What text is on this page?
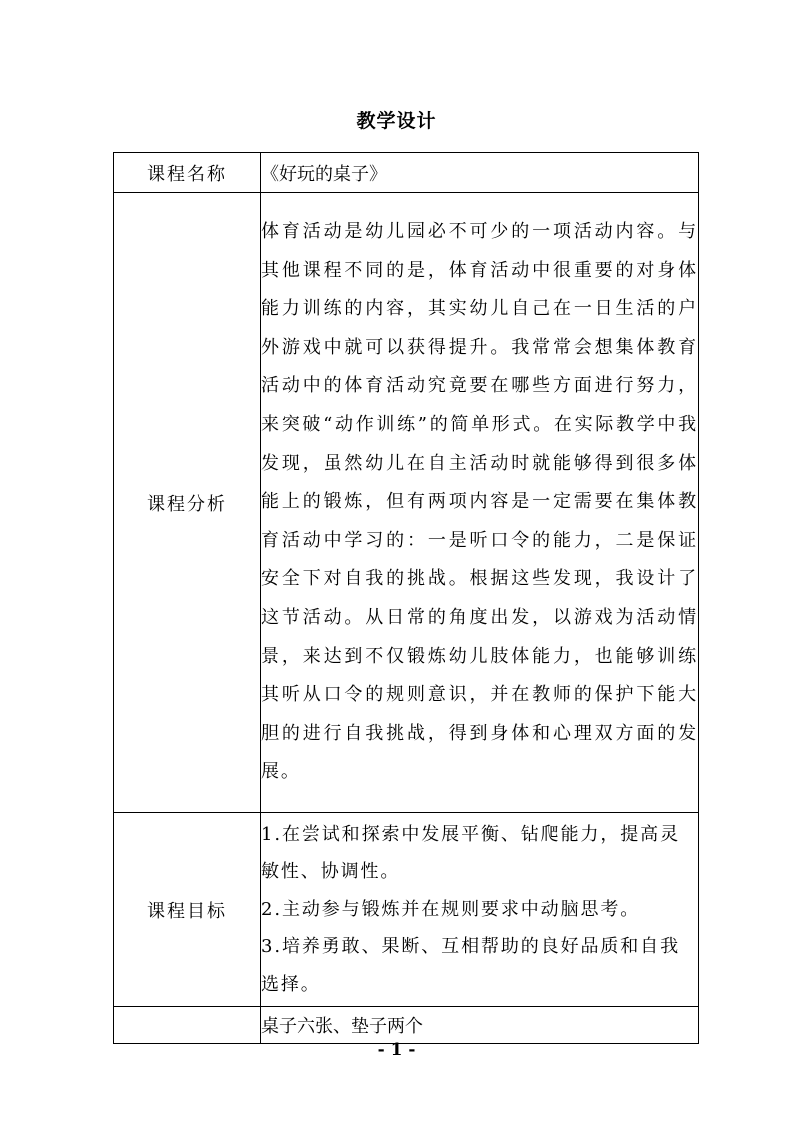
教学设计
课程名称	《好玩的桌子》
课程分析	体育活动是幼儿园必不可少的一项活动内容。与其他课程不同的是，体育活动中很重要的对身体能力训练的内容，其实幼儿自己在一日生活的户外游戏中就可以获得提升。我常常会想集体教育活动中的体育活动究竟要在哪些方面进行努力，来突破“动作训练”的简单形式。在实际教学中我发现，虽然幼儿在自主活动时就能够得到很多体能上的锻炼，但有两项内容是一定需要在集体教育活动中学习的：一是听口令的能力，二是保证安全下对自我的挑战。根据这些发现，我设计了这节活动。从日常的角度出发，以游戏为活动情景，来达到不仅锻炼幼儿肢体能力，也能够训练其听从口令的规则意识，并在教师的保护下能大胆的进行自我挑战，得到身体和心理双方面的发展。

课程目标	1.在尝试和探索中发展平衡、钻爬能力，提高灵敏性、协调性。
2.主动参与锻炼并在规则要求中动脑思考。
3.培养勇敢、果断、互相帮助的良好品质和自我选择。

	桌子六张、垫子两个
- 1 -
